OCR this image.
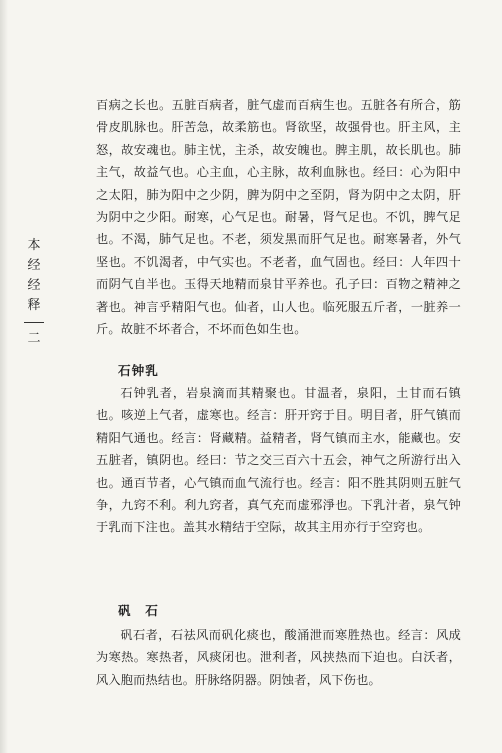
本
经
经
释
二
百病之长也。五脏百病者，脏气虚而百病生也。五脏各有所合，筋骨皮肌脉也。肝苦急，故柔筋也。肾欲坚，故强骨也。肝主风，主怒，故安魂也。肺主忧，主杀，故安魄也。脾主肌，故长肌也。肺主气，故益气也。心主血，心主脉，故利血脉也。经曰：心为阳中之太阳，肺为阳中之少阴，脾为阴中之至阴，肾为阴中之太阴，肝为阴中之少阳。耐寒，心气足也。耐暑，肾气足也。不饥，脾气足也。不渴，肺气足也。不老，须发黑而肝气足也。耐寒暑者，外气坚也。不饥渴者，中气实也。不老者，血气固也。经曰：人年四十而阴气自半也。玉得天地精而泉甘平养也。孔子曰：百物之精神之著也。神言乎精阳气也。仙者，山人也。临死服五斤者，一脏养一斤。故脏不坏者合，不坏而色如生也。
石钟乳
石钟乳者，岩泉滴而其精聚也。甘温者，泉阳，土甘而石镇也。咳逆上气者，虚寒也。经言：肝开窍于目。明目者，肝气镇而精阳气通也。经言：肾藏精。益精者，肾气镇而主水，能藏也。安五脏者，镇阴也。经曰：节之交三百六十五会，神气之所游行出入也。通百节者，心气镇而血气流行也。经言：阳不胜其阴则五脏气争，九窍不利。利九窍者，真气充而虚邪淨也。下乳汁者，泉气钟于乳而下注也。盖其水精结于空际，故其主用亦行于空窍也。
矾　石
矾石者，石祛风而矾化痰也，酸涌泄而寒胜热也。经言：风成为寒热。寒热者，风痰闭也。泄利者，风挟热而下迫也。白沃者，风入胞而热结也。肝脉络阴器。阴蚀者，风下伤也。
